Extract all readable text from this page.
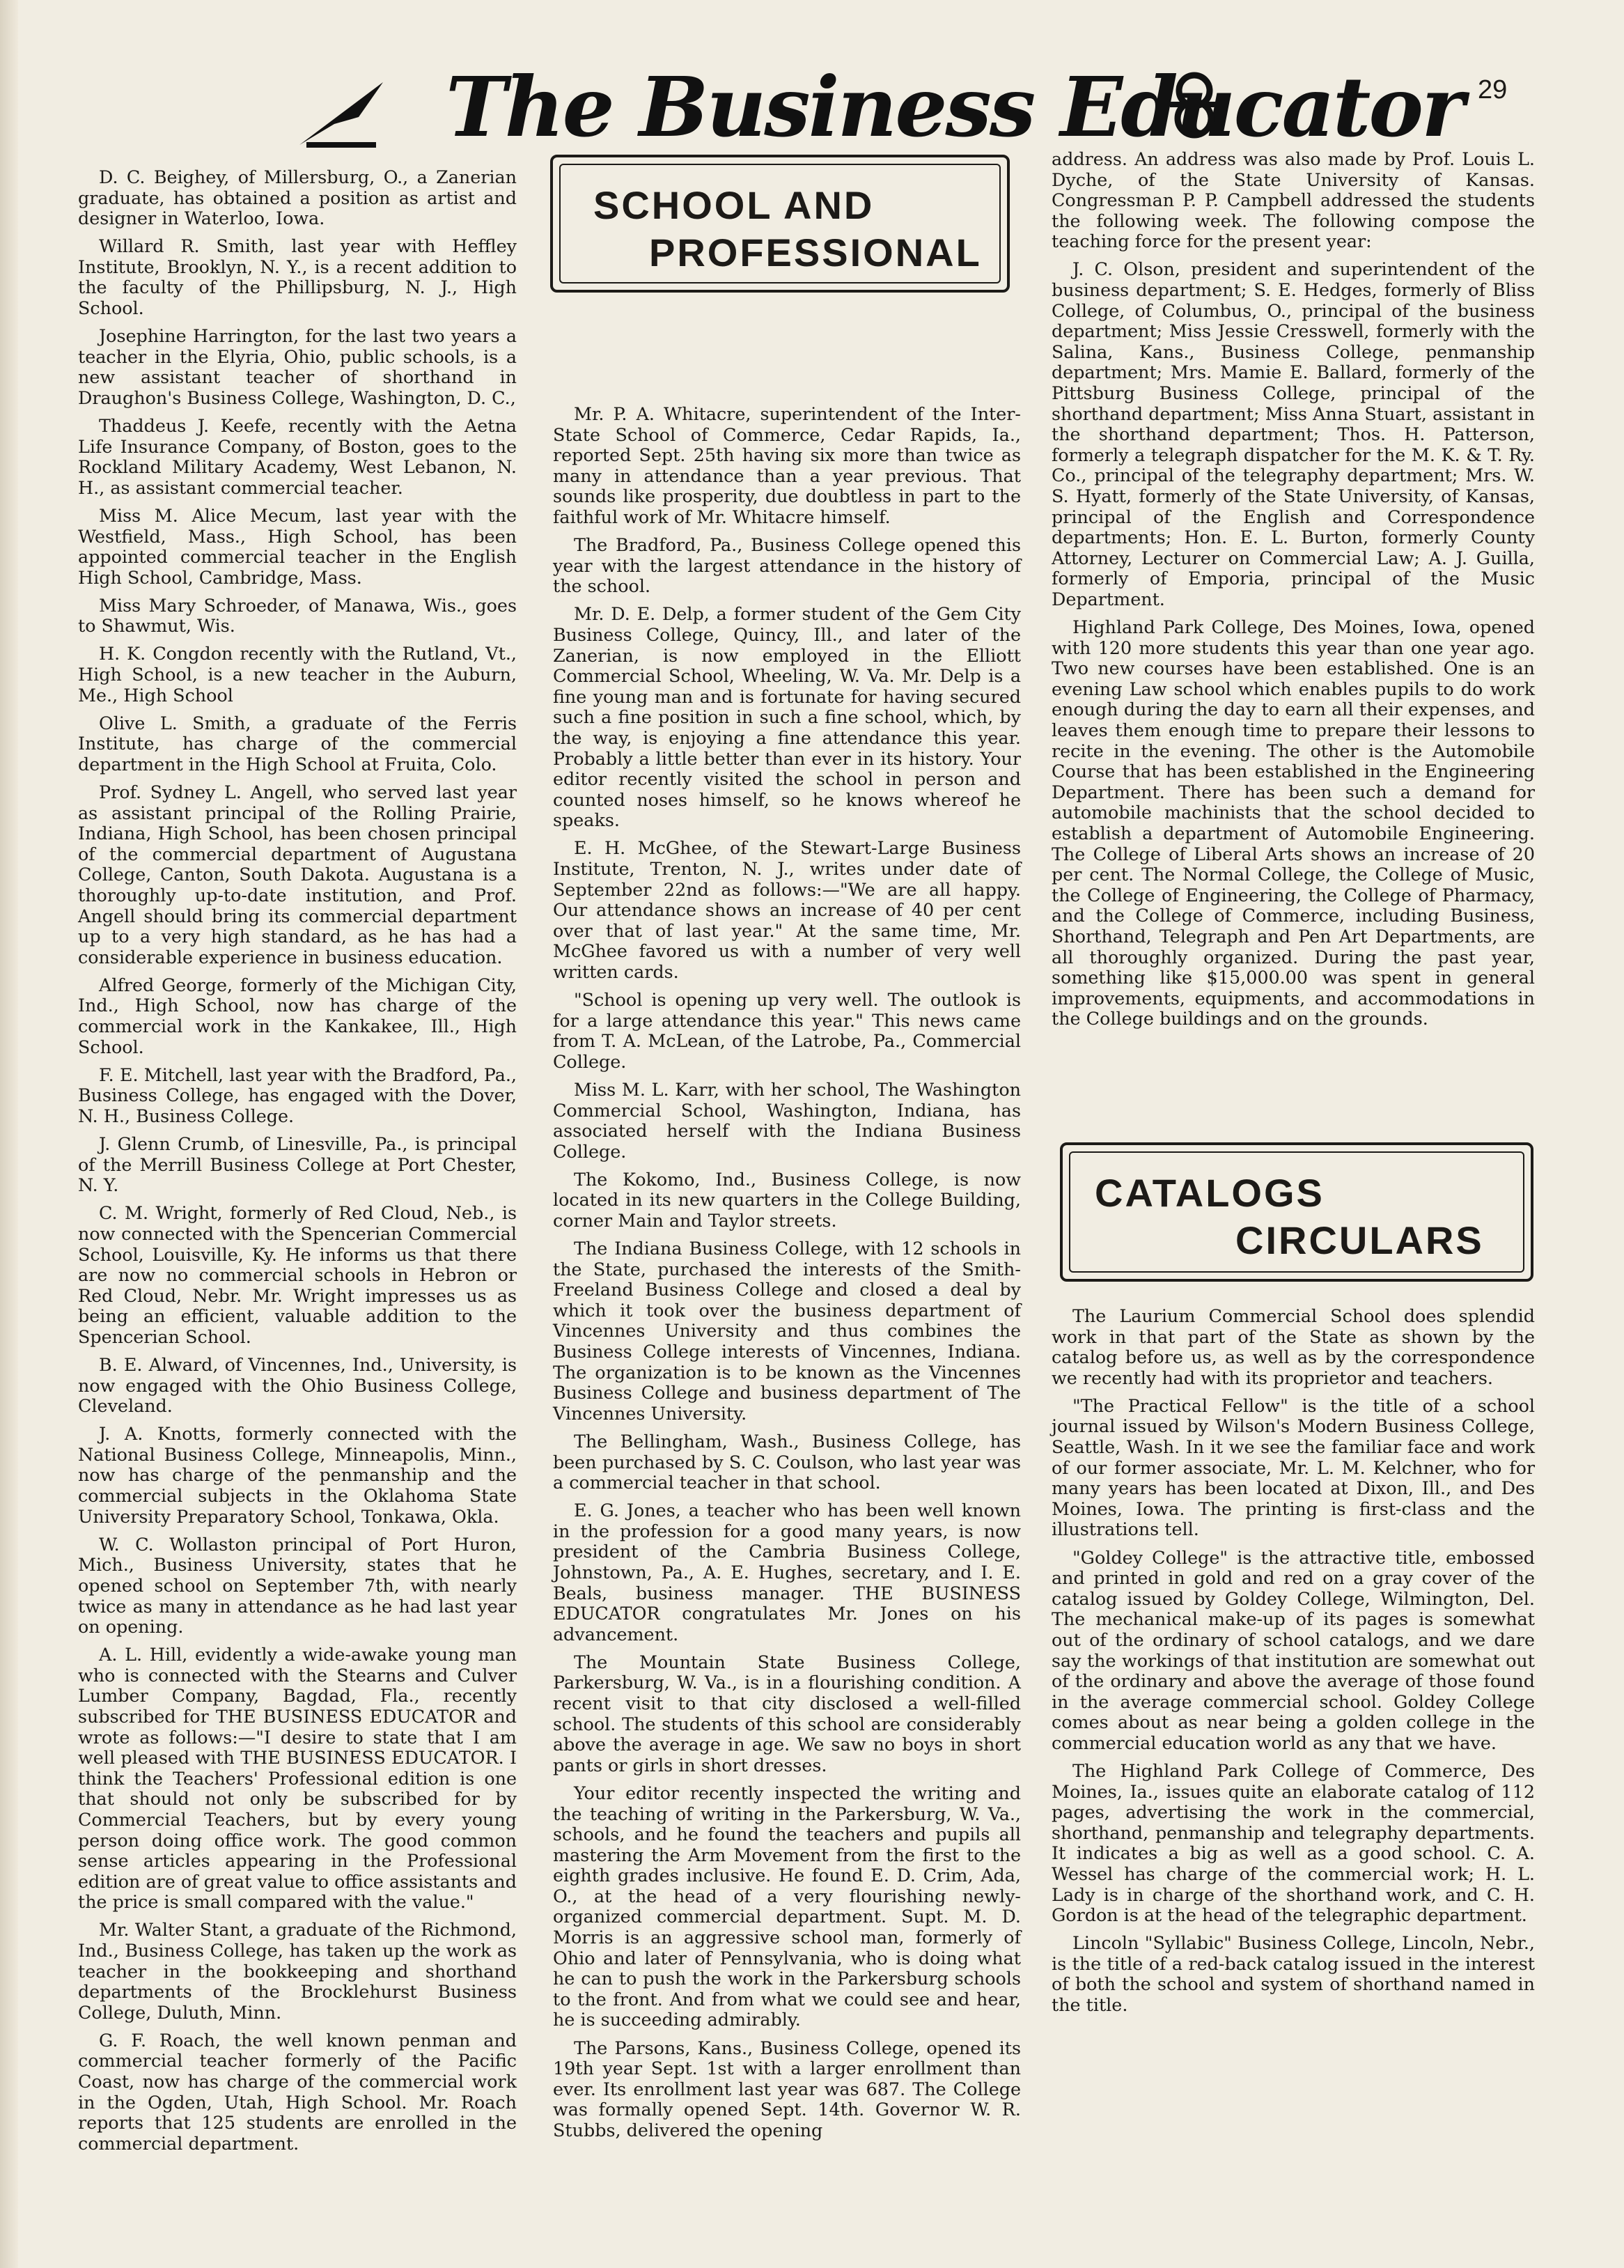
The Business Educator 29
SCHOOL AND
PROFESSIONAL
CATALOGS
CIRCULARS

D. C. Beighey, of Millersburg, O., a Zanerian graduate, has obtained a position as artist and designer in Waterloo, Iowa.

Willard R. Smith, last year with Heffley Institute, Brooklyn, N. Y., is a recent addition to the faculty of the Phillipsburg, N. J., High School.

Josephine Harrington, for the last two years a teacher in the Elyria, Ohio, public schools, is a new assistant teacher of shorthand in Draughon's Business College, Washington, D. C.,

Thaddeus J. Keefe, recently with the Aetna Life Insurance Company, of Boston, goes to the Rockland Military Academy, West Lebanon, N. H., as assistant commercial teacher.

Miss M. Alice Mecum, last year with the Westfield, Mass., High School, has been appointed commercial teacher in the English High School, Cambridge, Mass.

Miss Mary Schroeder, of Manawa, Wis., goes to Shawmut, Wis.

H. K. Congdon recently with the Rutland, Vt., High School, is a new teacher in the Auburn, Me., High School

Olive L. Smith, a graduate of the Ferris Institute, has charge of the commercial department in the High School at Fruita, Colo.

Prof. Sydney L. Angell, who served last year as assistant principal of the Rolling Prairie, Indiana, High School, has been chosen principal of the commercial department of Augustana College, Canton, South Dakota. Augustana is a thoroughly up-to-date institution, and Prof. Angell should bring its commercial department up to a very high standard, as he has had a considerable experience in business education.

Alfred George, formerly of the Michigan City, Ind., High School, now has charge of the commercial work in the Kankakee, Ill., High School.

F. E. Mitchell, last year with the Bradford, Pa., Business College, has engaged with the Dover, N. H., Business College.

J. Glenn Crumb, of Linesville, Pa., is principal of the Merrill Business College at Port Chester, N. Y.

C. M. Wright, formerly of Red Cloud, Neb., is now connected with the Spencerian Commercial School, Louisville, Ky. He informs us that there are now no commercial schools in Hebron or Red Cloud, Nebr. Mr. Wright impresses us as being an efficient, valuable addition to the Spencerian School.

B. E. Alward, of Vincennes, Ind., University, is now engaged with the Ohio Business College, Cleveland.

J. A. Knotts, formerly connected with the National Business College, Minneapolis, Minn., now has charge of the penmanship and the commercial subjects in the Oklahoma State University Preparatory School, Tonkawa, Okla.

W. C. Wollaston principal of Port Huron, Mich., Business University, states that he opened school on September 7th, with nearly twice as many in attendance as he had last year on opening.

A. L. Hill, evidently a wide-awake young man who is connected with the Stearns and Culver Lumber Company, Bagdad, Fla., recently subscribed for THE BUSINESS EDUCATOR and wrote as follows:—"I desire to state that I am well pleased with THE BUSINESS EDUCATOR. I think the Teachers' Professional edition is one that should not only be subscribed for by Commercial Teachers, but by every young person doing office work. The good common sense articles appearing in the Professional edition are of great value to office assistants and the price is small compared with the value."

Mr. Walter Stant, a graduate of the Richmond, Ind., Business College, has taken up the work as teacher in the bookkeeping and shorthand departments of the Brocklehurst Business College, Duluth, Minn.

G. F. Roach, the well known penman and commercial teacher formerly of the Pacific Coast, now has charge of the commercial work in the Ogden, Utah, High School. Mr. Roach reports that 125 students are enrolled in the commercial department.

Mr. P. A. Whitacre, superintendent of the Inter-State School of Commerce, Cedar Rapids, Ia., reported Sept. 25th having six more than twice as many in attendance than a year previous. That sounds like prosperity, due doubtless in part to the faithful work of Mr. Whitacre himself.

The Bradford, Pa., Business College opened this year with the largest attendance in the history of the school.

Mr. D. E. Delp, a former student of the Gem City Business College, Quincy, Ill., and later of the Zanerian, is now employed in the Elliott Commercial School, Wheeling, W. Va. Mr. Delp is a fine young man and is fortunate for having secured such a fine position in such a fine school, which, by the way, is enjoying a fine attendance this year. Probably a little better than ever in its history. Your editor recently visited the school in person and counted noses himself, so he knows whereof he speaks.

E. H. McGhee, of the Stewart-Large Business Institute, Trenton, N. J., writes under date of September 22nd as follows:—"We are all happy. Our attendance shows an increase of 40 per cent over that of last year." At the same time, Mr. McGhee favored us with a number of very well written cards.

"School is opening up very well. The outlook is for a large attendance this year." This news came from T. A. McLean, of the Latrobe, Pa., Commercial College.

Miss M. L. Karr, with her school, The Washington Commercial School, Washington, Indiana, has associated herself with the Indiana Business College.

The Kokomo, Ind., Business College, is now located in its new quarters in the College Building, corner Main and Taylor streets.

The Indiana Business College, with 12 schools in the State, purchased the interests of the Smith-Freeland Business College and closed a deal by which it took over the business department of Vincennes University and thus combines the Business College interests of Vincennes, Indiana. The organization is to be known as the Vincennes Business College and business department of The Vincennes University.

The Bellingham, Wash., Business College, has been purchased by S. C. Coulson, who last year was a commercial teacher in that school.

E. G. Jones, a teacher who has been well known in the profession for a good many years, is now president of the Cambria Business College, Johnstown, Pa., A. E. Hughes, secretary, and I. E. Beals, business manager. THE BUSINESS EDUCATOR congratulates Mr. Jones on his advancement.

The Mountain State Business College, Parkersburg, W. Va., is in a flourishing condition. A recent visit to that city disclosed a well-filled school. The students of this school are considerably above the average in age. We saw no boys in short pants or girls in short dresses.

Your editor recently inspected the writing and the teaching of writing in the Parkersburg, W. Va., schools, and he found the teachers and pupils all mastering the Arm Movement from the first to the eighth grades inclusive. He found E. D. Crim, Ada, O., at the head of a very flourishing newly-organized commercial department. Supt. M. D. Morris is an aggressive school man, formerly of Ohio and later of Pennsylvania, who is doing what he can to push the work in the Parkersburg schools to the front. And from what we could see and hear, he is succeeding admirably.

The Parsons, Kans., Business College, opened its 19th year Sept. 1st with a larger enrollment than ever. Its enrollment last year was 687. The College was formally opened Sept. 14th. Governor W. R. Stubbs, delivered the opening

address. An address was also made by Prof. Louis L. Dyche, of the State University of Kansas. Congressman P. P. Campbell addressed the students the following week. The following compose the teaching force for the present year:

J. C. Olson, president and superintendent of the business department; S. E. Hedges, formerly of Bliss College, of Columbus, O., principal of the business department; Miss Jessie Cresswell, formerly with the Salina, Kans., Business College, penmanship department; Mrs. Mamie E. Ballard, formerly of the Pittsburg Business College, principal of the shorthand department; Miss Anna Stuart, assistant in the shorthand department; Thos. H. Patterson, formerly a telegraph dispatcher for the M. K. & T. Ry. Co., principal of the telegraphy department; Mrs. W. S. Hyatt, formerly of the State University, of Kansas, principal of the English and Correspondence departments; Hon. E. L. Burton, formerly County Attorney, Lecturer on Commercial Law; A. J. Guilla, formerly of Emporia, principal of the Music Department.

Highland Park College, Des Moines, Iowa, opened with 120 more students this year than one year ago. Two new courses have been established. One is an evening Law school which enables pupils to do work enough during the day to earn all their expenses, and leaves them enough time to prepare their lessons to recite in the evening. The other is the Automobile Course that has been established in the Engineering Department. There has been such a demand for automobile machinists that the school decided to establish a department of Automobile Engineering. The College of Liberal Arts shows an increase of 20 per cent. The Normal College, the College of Music, the College of Engineering, the College of Pharmacy, and the College of Commerce, including Business, Shorthand, Telegraph and Pen Art Departments, are all thoroughly organized. During the past year, something like $15,000.00 was spent in general improvements, equipments, and accommodations in the College buildings and on the grounds.

The Laurium Commercial School does splendid work in that part of the State as shown by the catalog before us, as well as by the correspondence we recently had with its proprietor and teachers.

"The Practical Fellow" is the title of a school journal issued by Wilson's Modern Business College, Seattle, Wash. In it we see the familiar face and work of our former associate, Mr. L. M. Kelchner, who for many years has been located at Dixon, Ill., and Des Moines, Iowa. The printing is first-class and the illustrations tell.

"Goldey College" is the attractive title, embossed and printed in gold and red on a gray cover of the catalog issued by Goldey College, Wilmington, Del. The mechanical make-up of its pages is somewhat out of the ordinary of school catalogs, and we dare say the workings of that institution are somewhat out of the ordinary and above the average of those found in the average commercial school. Goldey College comes about as near being a golden college in the commercial education world as any that we have.

The Highland Park College of Commerce, Des Moines, Ia., issues quite an elaborate catalog of 112 pages, advertising the work in the commercial, shorthand, penmanship and telegraphy departments. It indicates a big as well as a good school. C. A. Wessel has charge of the commercial work; H. L. Lady is in charge of the shorthand work, and C. H. Gordon is at the head of the telegraphic department.

Lincoln "Syllabic" Business College, Lincoln, Nebr., is the title of a red-back catalog issued in the interest of both the school and system of shorthand named in the title.
